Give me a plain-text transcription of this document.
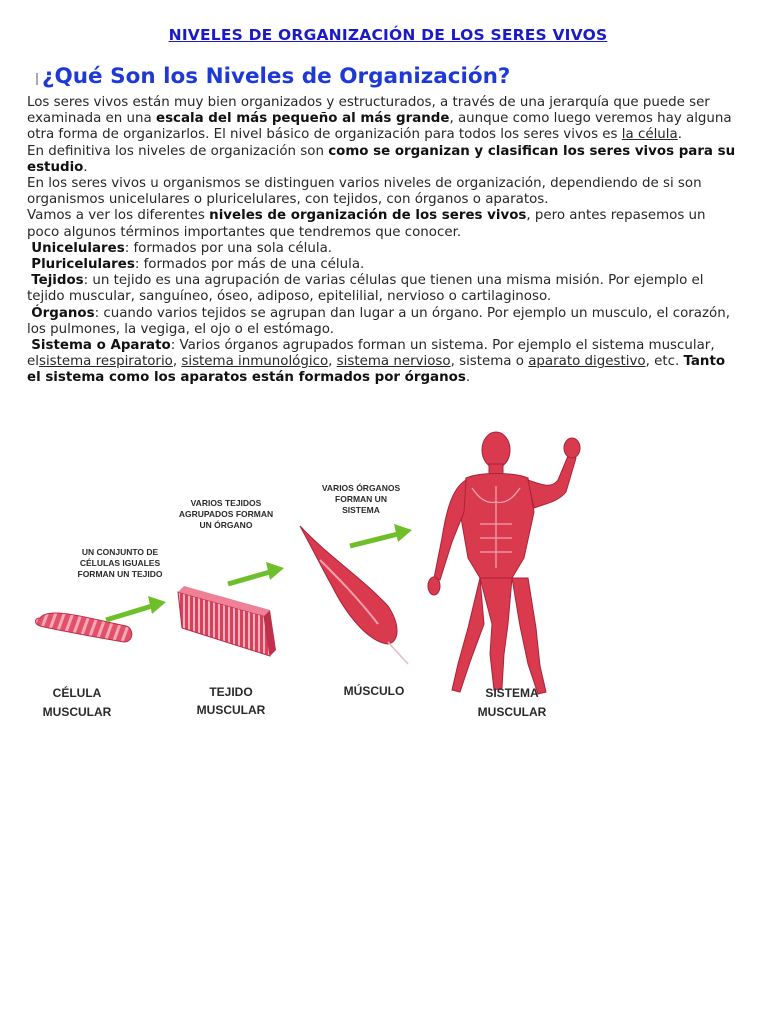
NIVELES DE ORGANIZACIÓN DE LOS SERES VIVOS
¿Qué Son los Niveles de Organización?

Los seres vivos están muy bien organizados y estructurados, a través de una jerarquía que puede ser examinada en una escala del más pequeño al más grande, aunque como luego veremos hay alguna otra forma de organizarlos. El nivel básico de organización para todos los seres vivos es la célula.

En definitiva los niveles de organización son como se organizan y clasifican los seres vivos para su estudio.

En los seres vivos u organismos se distinguen varios niveles de organización, dependiendo de si son organismos unicelulares o pluricelulares, con tejidos, con órganos o aparatos.

Vamos a ver los diferentes niveles de organización de los seres vivos, pero antes repasemos un poco algunos términos importantes que tendremos que conocer.

Unicelulares: formados por una sola célula.

Pluricelulares: formados por más de una célula.

Tejidos: un tejido es una agrupación de varias células que tienen una misma misión. Por ejemplo el tejido muscular, sanguíneo, óseo, adiposo, epitelilial, nervioso o cartilaginoso.

Órganos: cuando varios tejidos se agrupan dan lugar a un órgano. Por ejemplo un musculo, el corazón, los pulmones, la vegiga, el ojo o el estómago.

Sistema o Aparato: Varios órganos agrupados forman un sistema. Por ejemplo el sistema muscular, elsistema respiratorio, sistema inmunológico, sistema nervioso, sistema o aparato digestivo, etc. Tanto el sistema como los aparatos están formados por órganos.

UN CONJUNTO DE
CÉLULAS IGUALES
FORMAN UN TEJIDO
VARIOS TEJIDOS
AGRUPADOS FORMAN
UN ÓRGANO
VARIOS ÓRGANOS
FORMAN UN
SISTEMA
CÉLULA
MUSCULAR
TEJIDO
MUSCULAR
MÚSCULO	SISTEMA
MUSCULAR
